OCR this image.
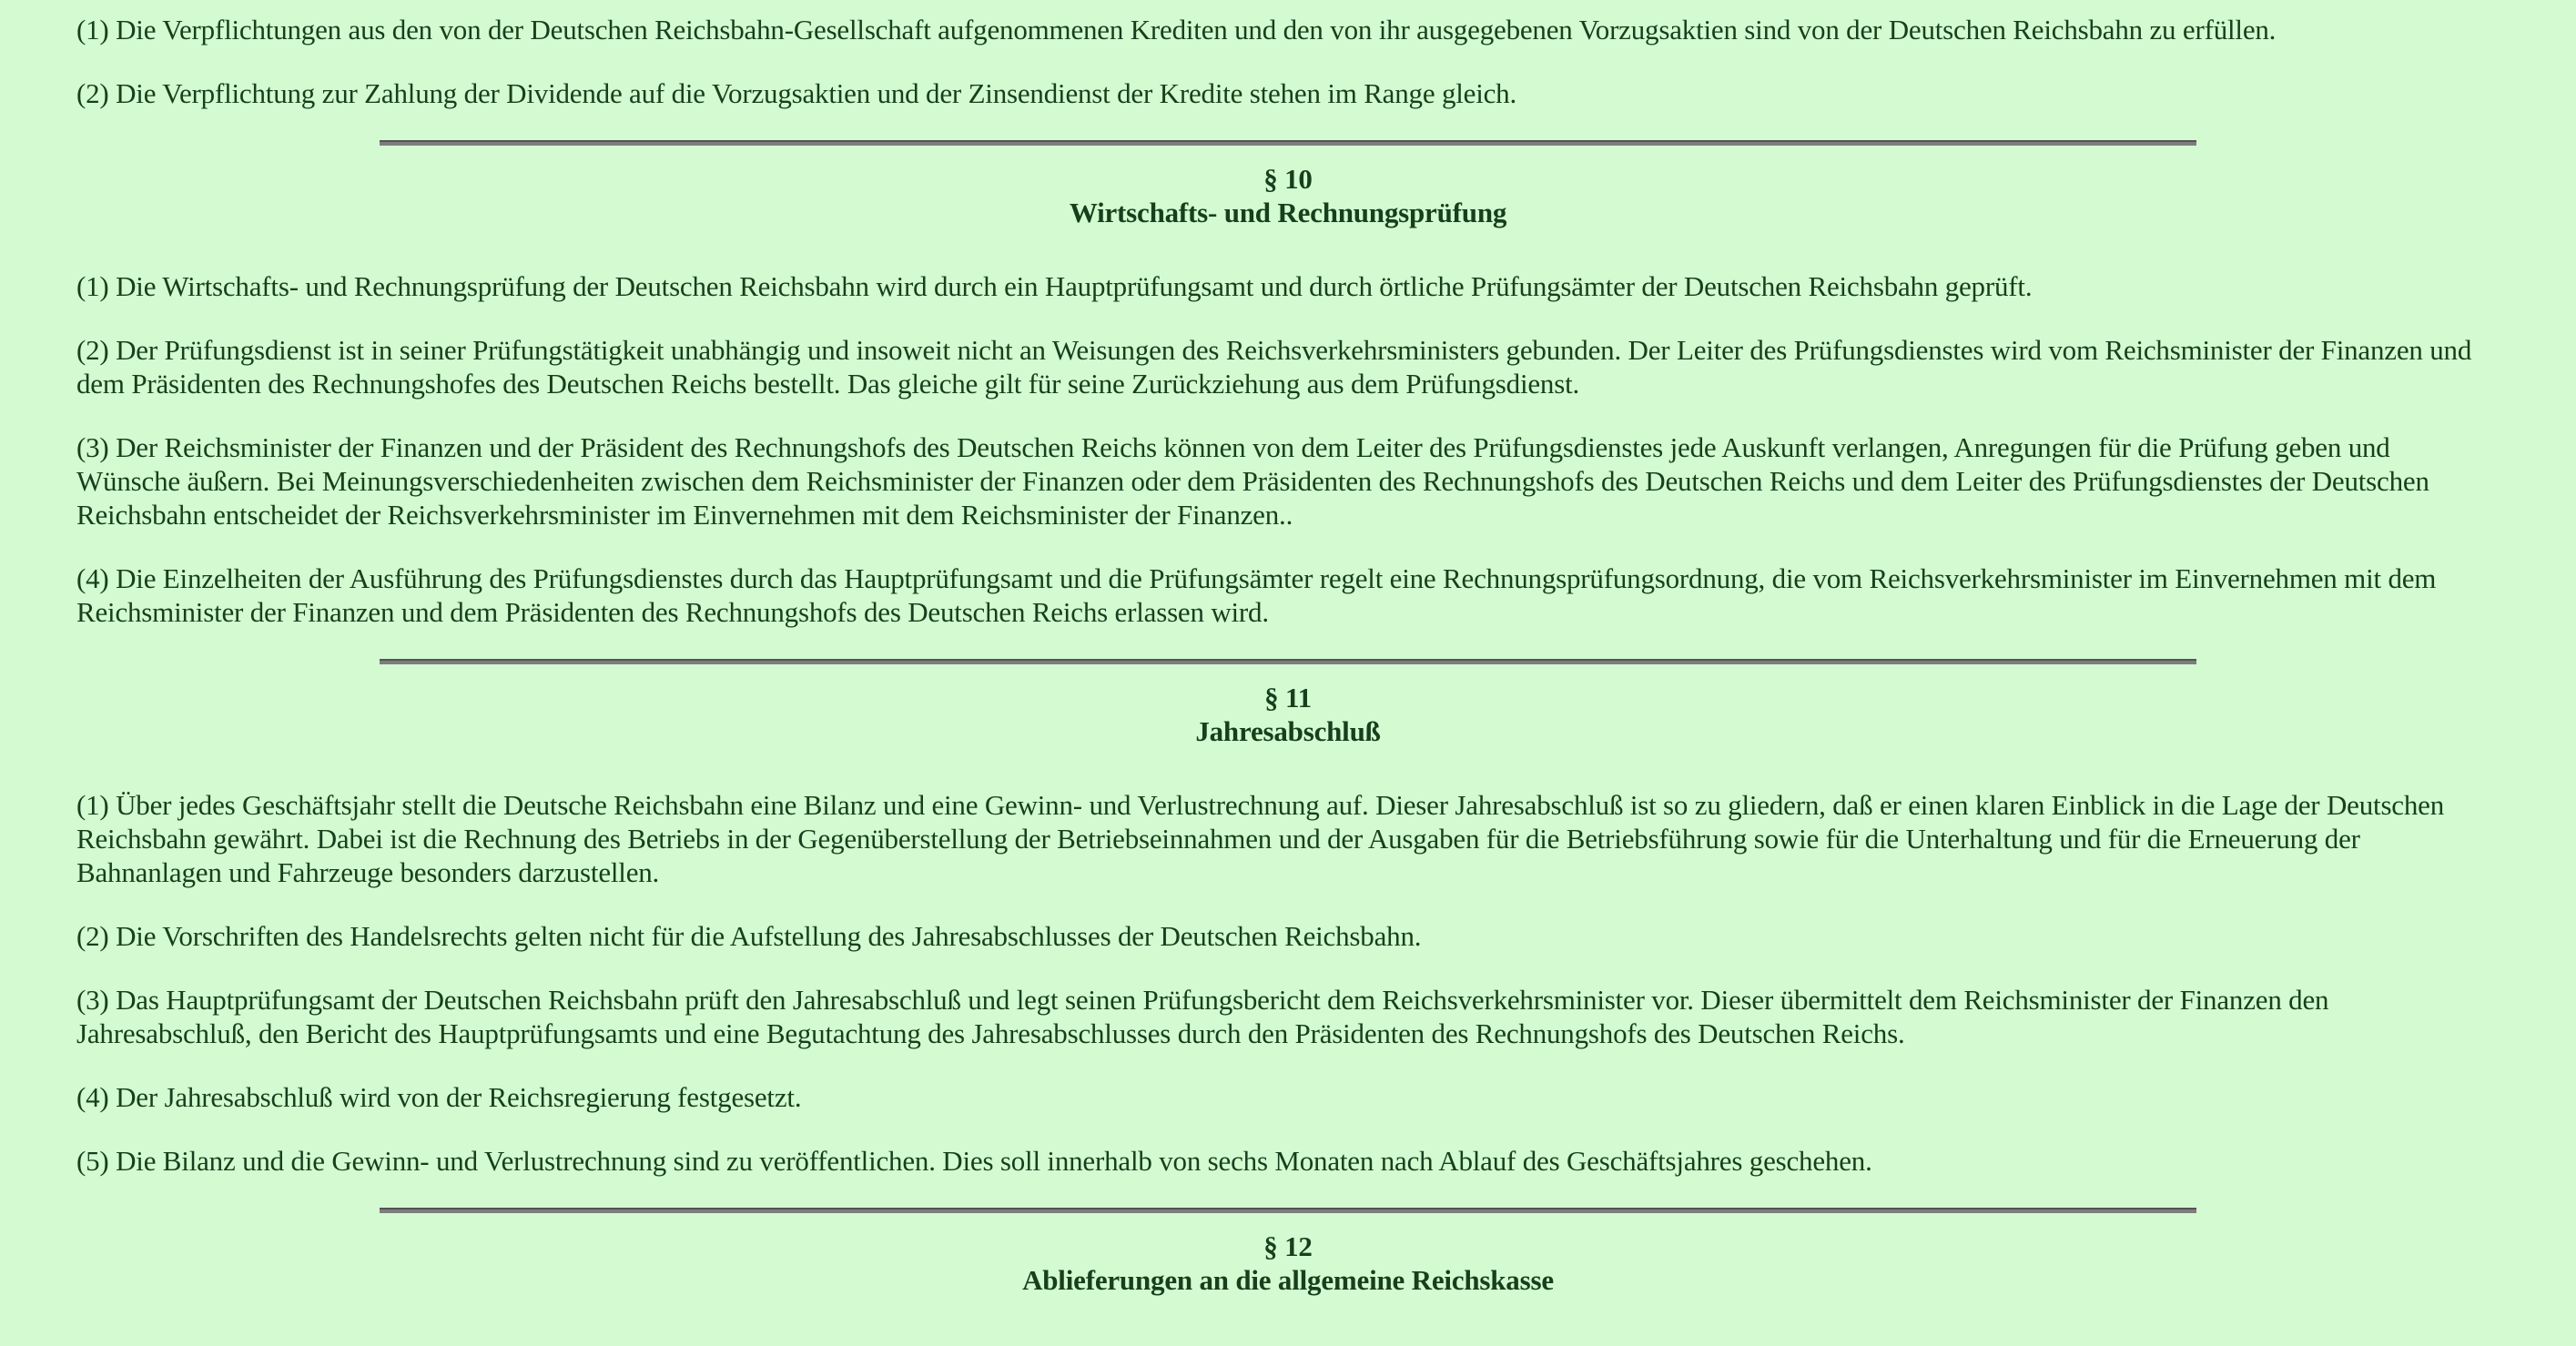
(1) Die Verpflichtungen aus den von der Deutschen Reichsbahn-Gesellschaft aufgenommenen Krediten und den von ihr ausgegebenen Vorzugsaktien sind von der Deutschen Reichsbahn zu erfüllen.

(2) Die Verpflichtung zur Zahlung der Dividende auf die Vorzugsaktien und der Zinsendienst der Kredite stehen im Range gleich.

§ 10
Wirtschafts- und Rechnungsprüfung

(1) Die Wirtschafts- und Rechnungsprüfung der Deutschen Reichsbahn wird durch ein Hauptprüfungsamt und durch örtliche Prüfungsämter der Deutschen Reichsbahn geprüft.

(2) Der Prüfungsdienst ist in seiner Prüfungstätigkeit unabhängig und insoweit nicht an Weisungen des Reichsverkehrsministers gebunden. Der Leiter des Prüfungsdienstes wird vom Reichsminister der Finanzen und dem Präsidenten des Rechnungshofes des Deutschen Reichs bestellt. Das gleiche gilt für seine Zurückziehung aus dem Prüfungsdienst.

(3) Der Reichsminister der Finanzen und der Präsident des Rechnungshofs des Deutschen Reichs können von dem Leiter des Prüfungsdienstes jede Auskunft verlangen, Anregungen für die Prüfung geben und Wünsche äußern. Bei Meinungsverschiedenheiten zwischen dem Reichsminister der Finanzen oder dem Präsidenten des Rechnungshofs des Deutschen Reichs und dem Leiter des Prüfungsdienstes der Deutschen Reichsbahn entscheidet der Reichsverkehrsminister im Einvernehmen mit dem Reichsminister der Finanzen..

(4) Die Einzelheiten der Ausführung des Prüfungsdienstes durch das Hauptprüfungsamt und die Prüfungsämter regelt eine Rechnungsprüfungsordnung, die vom Reichsverkehrsminister im Einvernehmen mit dem Reichsminister der Finanzen und dem Präsidenten des Rechnungshofs des Deutschen Reichs erlassen wird.

§ 11
Jahresabschluß

(1) Über jedes Geschäftsjahr stellt die Deutsche Reichsbahn eine Bilanz und eine Gewinn- und Verlustrechnung auf. Dieser Jahresabschluß ist so zu gliedern, daß er einen klaren Einblick in die Lage der Deutschen Reichsbahn gewährt. Dabei ist die Rechnung des Betriebs in der Gegenüberstellung der Betriebseinnahmen und der Ausgaben für die Betriebsführung sowie für die Unterhaltung und für die Erneuerung der Bahnanlagen und Fahrzeuge besonders darzustellen.

(2) Die Vorschriften des Handelsrechts gelten nicht für die Aufstellung des Jahresabschlusses der Deutschen Reichsbahn.

(3) Das Hauptprüfungsamt der Deutschen Reichsbahn prüft den Jahresabschluß und legt seinen Prüfungsbericht dem Reichsverkehrsminister vor. Dieser übermittelt dem Reichsminister der Finanzen den Jahresabschluß, den Bericht des Hauptprüfungsamts und eine Begutachtung des Jahresabschlusses durch den Präsidenten des Rechnungshofs des Deutschen Reichs.

(4) Der Jahresabschluß wird von der Reichsregierung festgesetzt.

(5) Die Bilanz und die Gewinn- und Verlustrechnung sind zu veröffentlichen. Dies soll innerhalb von sechs Monaten nach Ablauf des Geschäftsjahres geschehen.

§ 12
Ablieferungen an die allgemeine Reichskasse
